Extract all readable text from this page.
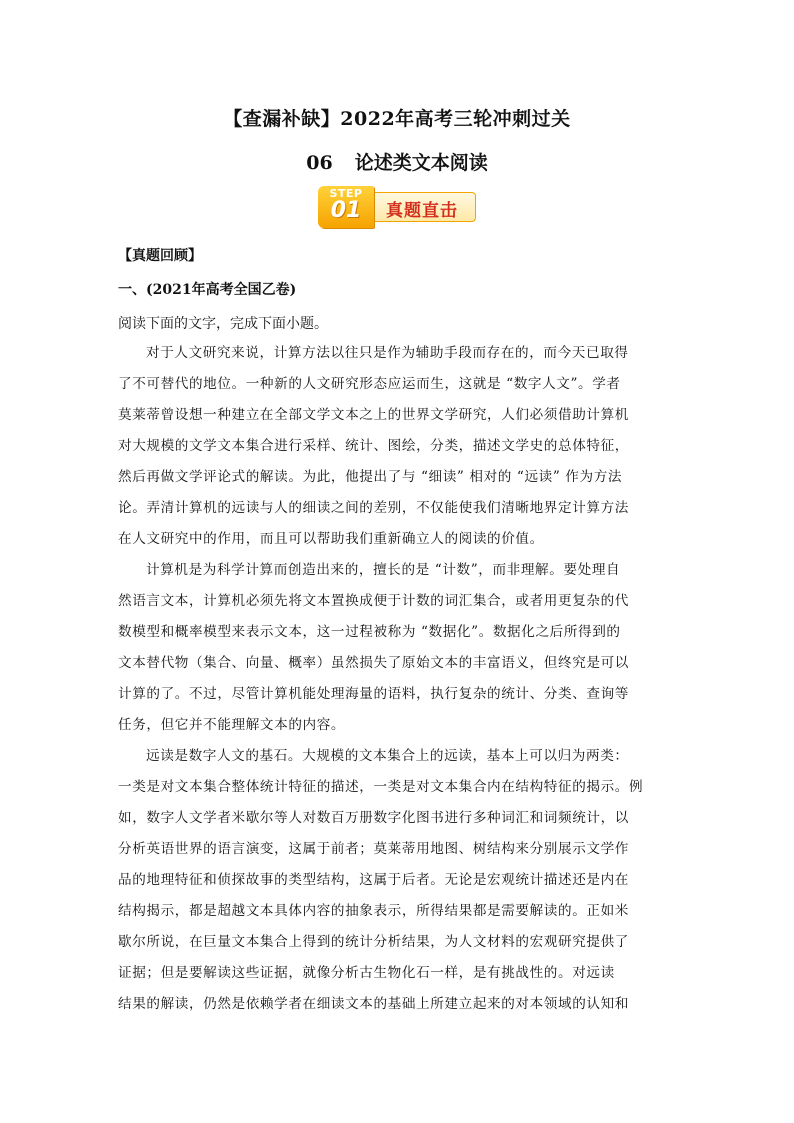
【查漏补缺】2022年高考三轮冲刺过关
06 论述类文本阅读
真题直击
STEP
01
【真题回顾】
一、(2021年高考全国乙卷)
阅读下面的文字，完成下面小题。
对于人文研究来说，计算方法以往只是作为辅助手段而存在的，而今天已取得
了不可替代的地位。一种新的人文研究形态应运而生，这就是 “数字人文”。学者
莫莱蒂曾设想一种建立在全部文学文本之上的世界文学研究，人们必须借助计算机
对大规模的文学文本集合进行采样、统计、图绘，分类，描述文学史的总体特征，
然后再做文学评论式的解读。为此，他提出了与 “细读” 相对的 “远读” 作为方法
论。弄清计算机的远读与人的细读之间的差别，不仅能使我们清晰地界定计算方法
在人文研究中的作用，而且可以帮助我们重新确立人的阅读的价值。
计算机是为科学计算而创造出来的，擅长的是 “计数”，而非理解。要处理自
然语言文本，计算机必须先将文本置换成便于计数的词汇集合，或者用更复杂的代
数模型和概率模型来表示文本，这一过程被称为 “数据化”。数据化之后所得到的
文本替代物（集合、向量、概率）虽然损失了原始文本的丰富语义，但终究是可以
计算的了。不过，尽管计算机能处理海量的语料，执行复杂的统计、分类、查询等
任务，但它并不能理解文本的内容。
远读是数字人文的基石。大规模的文本集合上的远读，基本上可以归为两类：
一类是对文本集合整体统计特征的描述，一类是对文本集合内在结构特征的揭示。例
如，数字人文学者米歇尔等人对数百万册数字化图书进行多种词汇和词频统计，以
分析英语世界的语言演变，这属于前者；莫莱蒂用地图、树结构来分别展示文学作
品的地理特征和侦探故事的类型结构，这属于后者。无论是宏观统计描述还是内在
结构揭示，都是超越文本具体内容的抽象表示，所得结果都是需要解读的。正如米
歇尔所说，在巨量文本集合上得到的统计分析结果，为人文材料的宏观研究提供了
证据；但是要解读这些证据，就像分析古生物化石一样，是有挑战性的。对远读
结果的解读，仍然是依赖学者在细读文本的基础上所建立起来的对本领域的认知和
